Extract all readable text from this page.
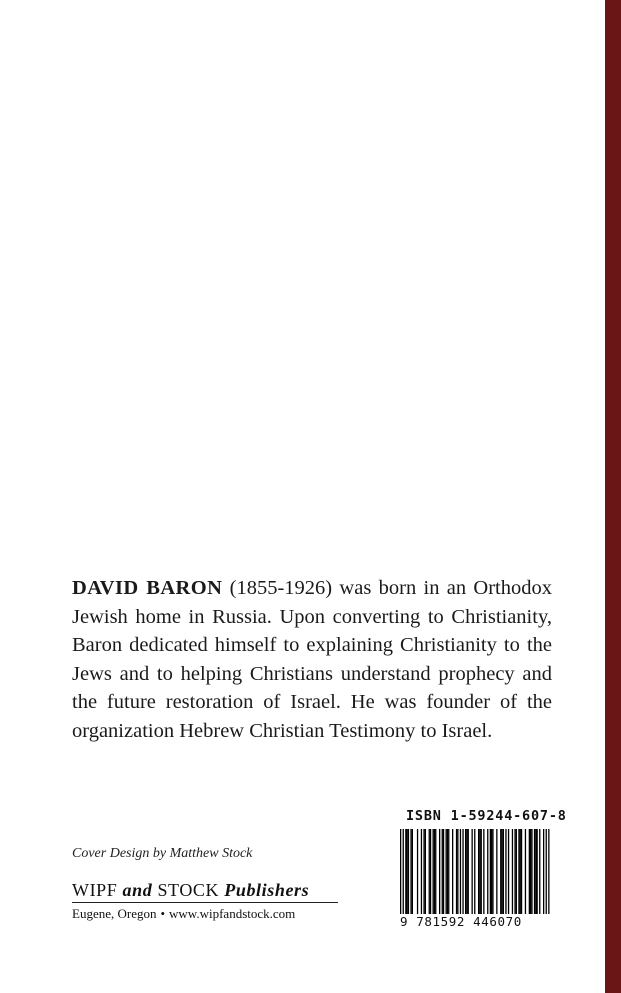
DAVID BARON (1855-1926) was born in an Orthodox Jewish home in Russia. Upon converting to Christianity, Baron dedicated himself to explaining Christianity to the Jews and to helping Christians understand prophecy and the future restoration of Israel. He was founder of the organization Hebrew Christian Testimony to Israel.

Cover Design by Matthew Stock
WIPF and STOCK Publishers
Eugene, Oregon • www.wipfandstock.com
ISBN 1-59244-607-8
9 781592 446070
